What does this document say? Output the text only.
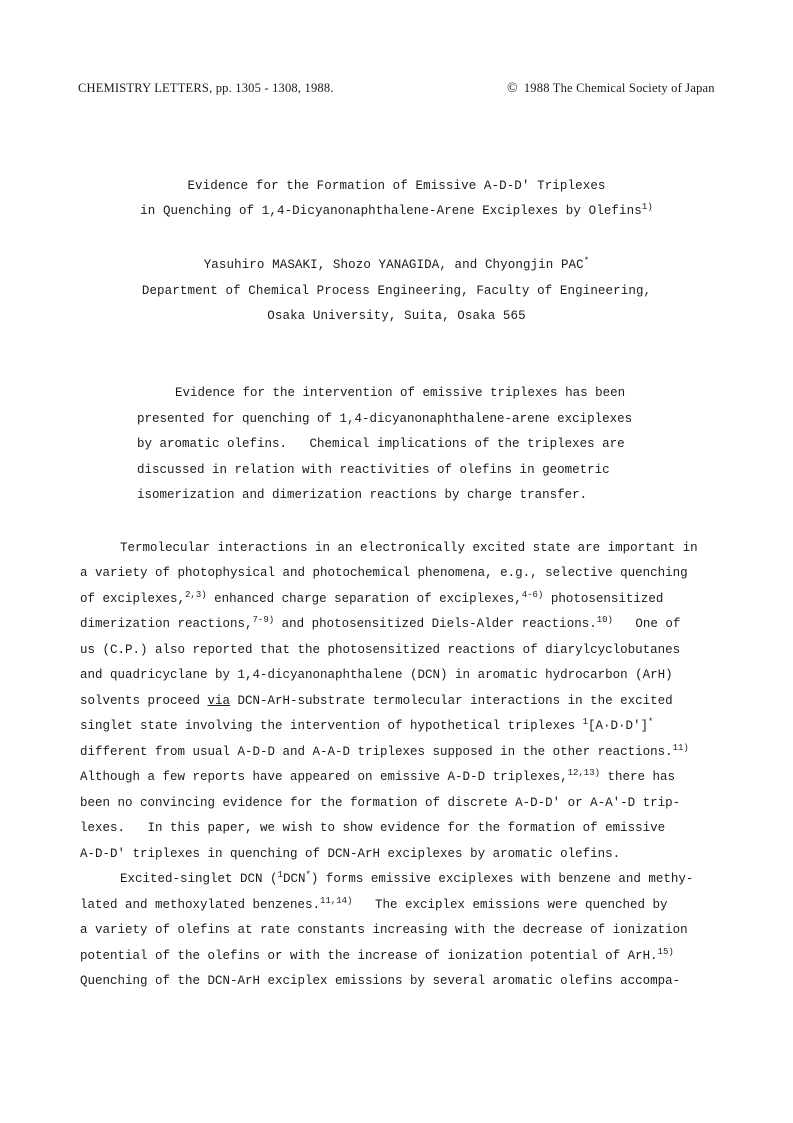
CHEMISTRY LETTERS, pp. 1305 - 1308, 1988.	© 1988 The Chemical Society of Japan
Evidence for the Formation of Emissive A-D-D' Triplexes
in Quenching of 1,4-Dicyanonaphthalene-Arene Exciplexes by Olefins$^{1)}$
Yasuhiro MASAKI, Shozo YANAGIDA, and Chyongjin PAC*
Department of Chemical Process Engineering, Faculty of Engineering,
Osaka University, Suita, Osaka 565
Evidence for the intervention of emissive triplexes has been
presented for quenching of 1,4-dicyanonaphthalene-arene exciplexes
by aromatic olefins.   Chemical implications of the triplexes are
discussed in relation with reactivities of olefins in geometric
isomerization and dimerization reactions by charge transfer.
Termolecular interactions in an electronically excited state are important in
a variety of photophysical and photochemical phenomena, e.g., selective quenching
of exciplexes,$^{2,3)}$ enhanced charge separation of exciplexes,$^{4-6)}$ photosensitized
dimerization reactions,$^{7-9)}$ and photosensitized Diels-Alder reactions.$^{10)}$   One of
us (C.P.) also reported that the photosensitized reactions of diarylcyclobutanes
and quadricyclane by 1,4-dicyanonaphthalene (DCN) in aromatic hydrocarbon (ArH)
solvents proceed via DCN-ArH-substrate termolecular interactions in the excited
singlet state involving the intervention of hypothetical triplexes $^1$[A·D·D']*
different from usual A-D-D and A-A-D triplexes supposed in the other reactions.$^{11)}$
Although a few reports have appeared on emissive A-D-D triplexes,$^{12,13)}$ there has
been no convincing evidence for the formation of discrete A-D-D' or A-A'-D trip-
lexes.   In this paper, we wish to show evidence for the formation of emissive
A-D-D' triplexes in quenching of DCN-ArH exciplexes by aromatic olefins.
Excited-singlet DCN ($^1$DCN*) forms emissive exciplexes with benzene and methy-
lated and methoxylated benzenes.$^{11,14)}$   The exciplex emissions were quenched by
a variety of olefins at rate constants increasing with the decrease of ionization
potential of the olefins or with the increase of ionization potential of ArH.$^{15)}$
Quenching of the DCN-ArH exciplex emissions by several aromatic olefins accompa-
